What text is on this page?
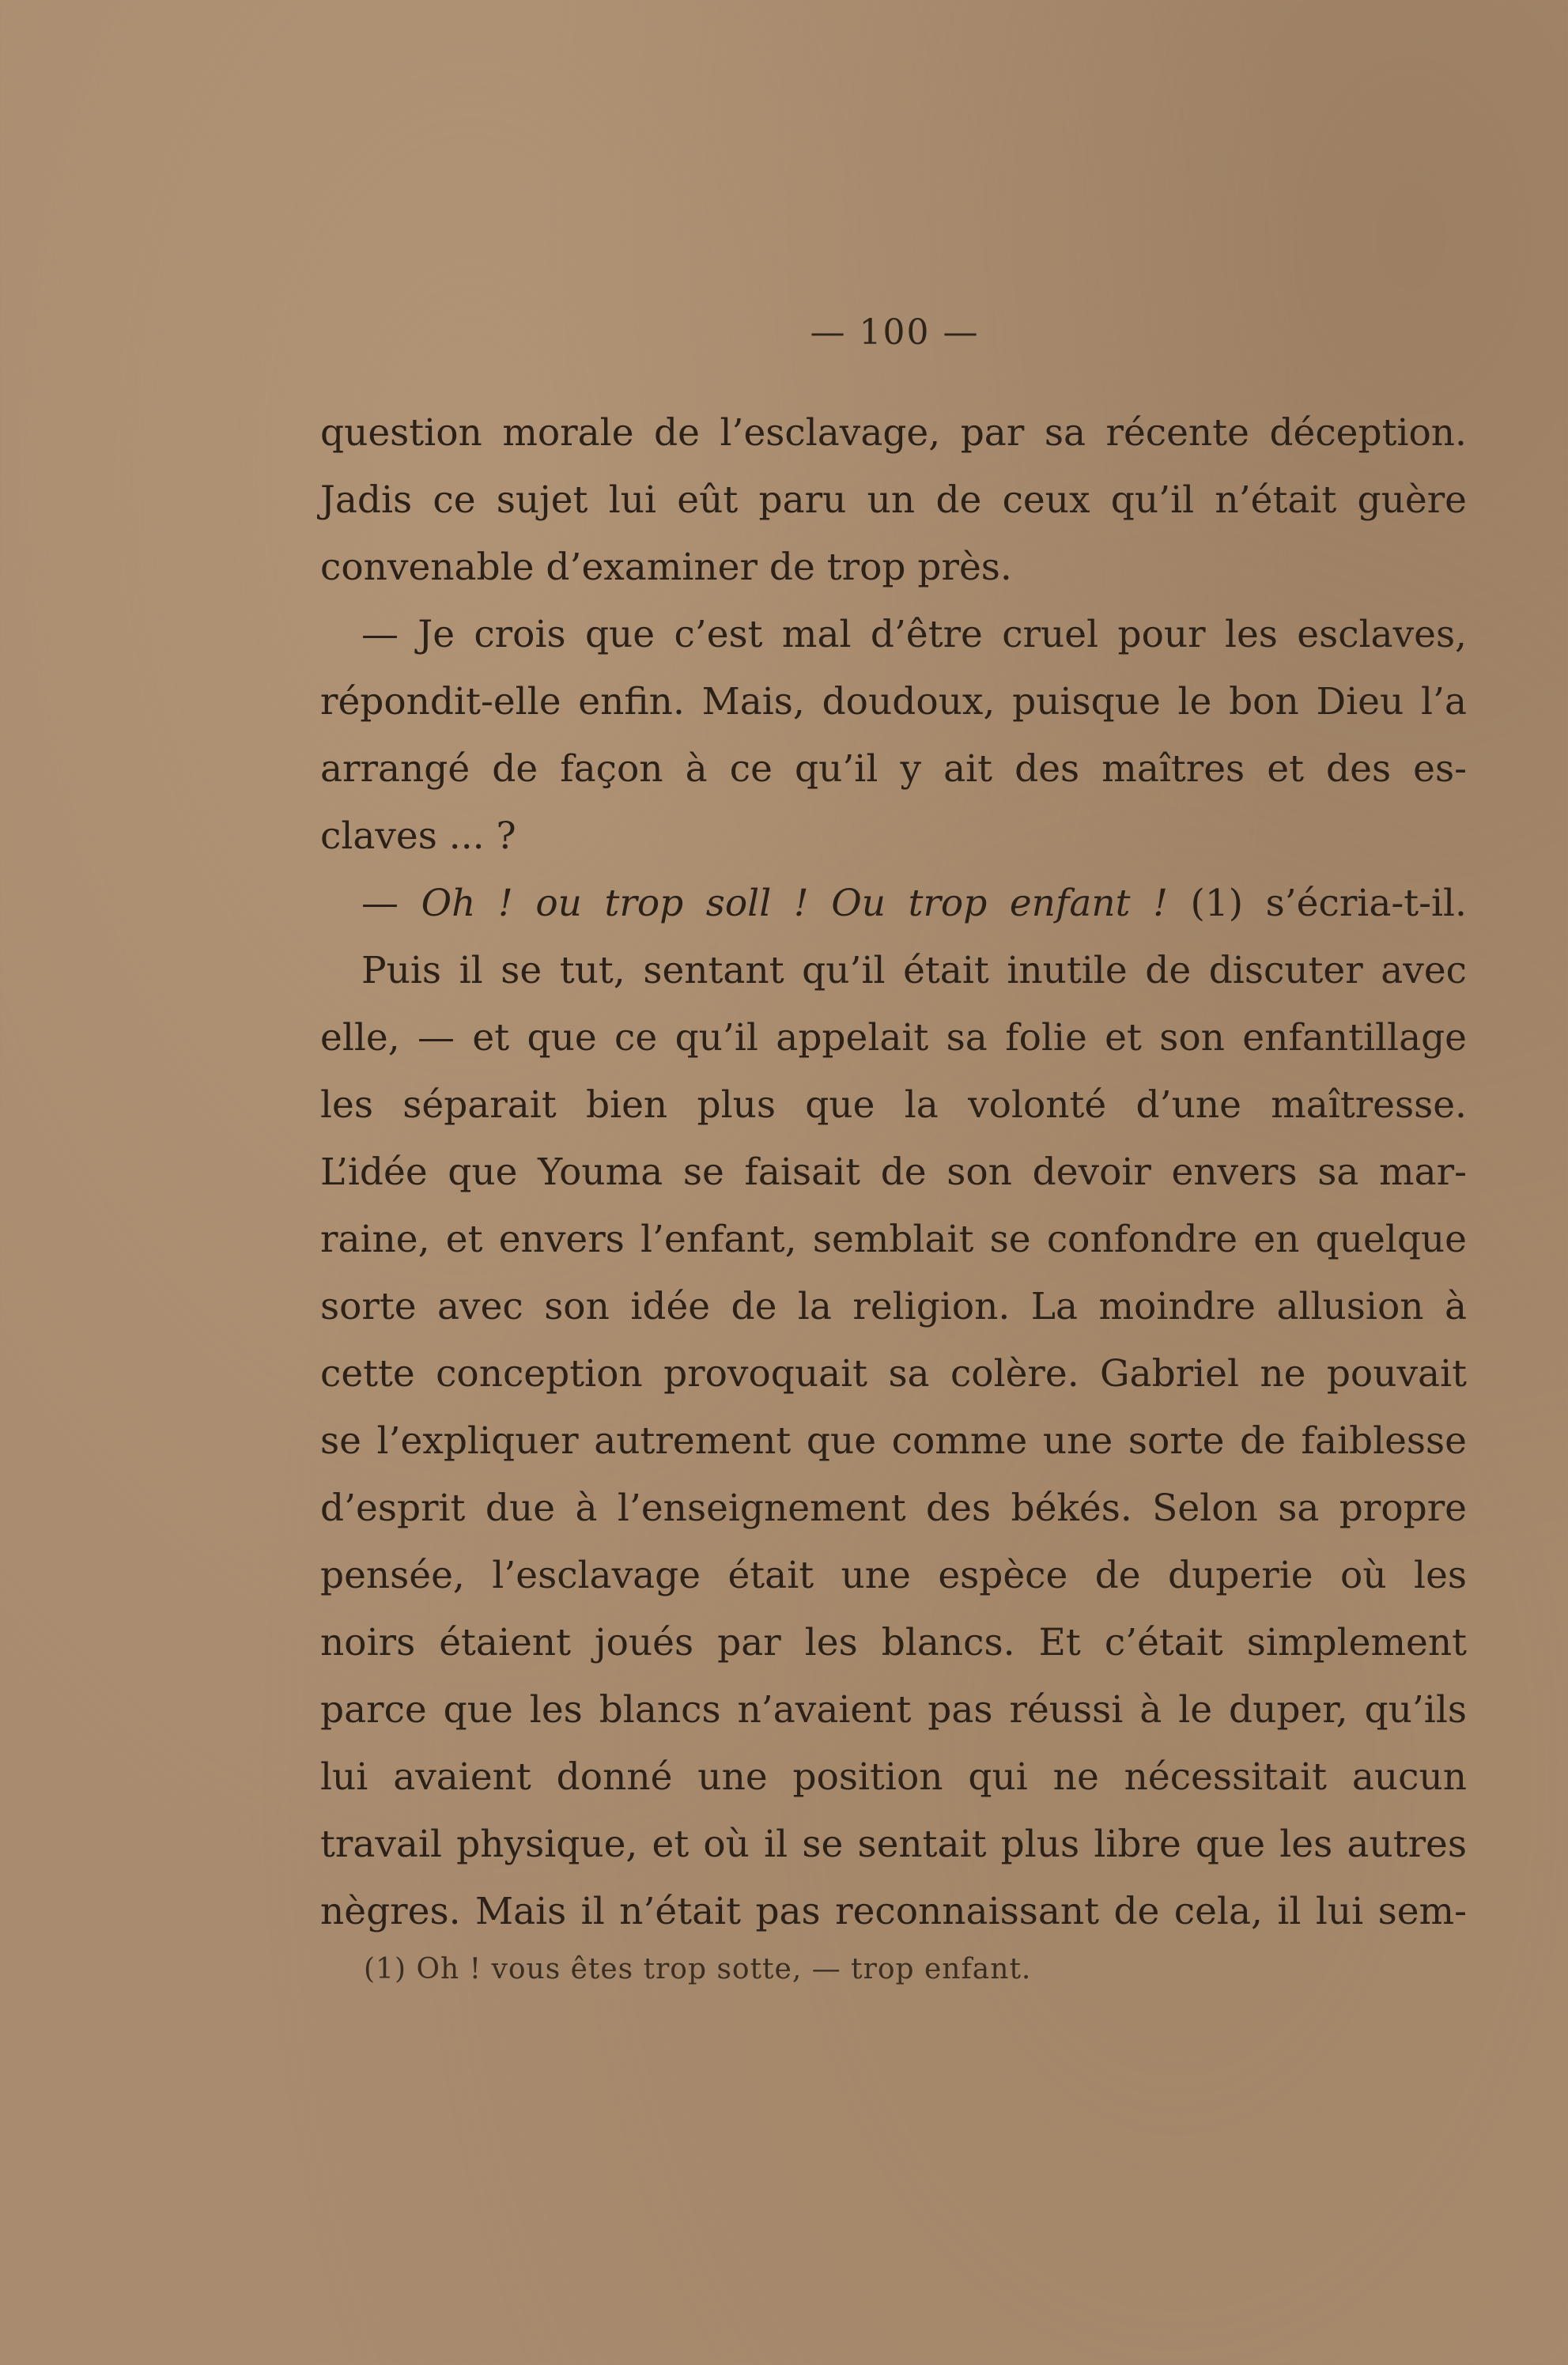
— 100 —
question morale de l’esclavage, par sa récente déception.
Jadis ce sujet lui eût paru un de ceux qu’il n’était guère
convenable d’examiner de trop près.
— Je crois que c’est mal d’être cruel pour les esclaves,
répondit-elle enfin. Mais, doudoux, puisque le bon Dieu l’a
arrangé de façon à ce qu’il y ait des maîtres et des es-
claves ... ?
— Oh ! ou trop soll ! Ou trop enfant ! (1) s’écria-t-il.
Puis il se tut, sentant qu’il était inutile de discuter avec
elle, — et que ce qu’il appelait sa folie et son enfantillage
les séparait bien plus que la volonté d’une maîtresse.
L’idée que Youma se faisait de son devoir envers sa mar-
raine, et envers l’enfant, semblait se confondre en quelque
sorte avec son idée de la religion. La moindre allusion à
cette conception provoquait sa colère. Gabriel ne pouvait
se l’expliquer autrement que comme une sorte de faiblesse
d’esprit due à l’enseignement des békés. Selon sa propre
pensée, l’esclavage était une espèce de duperie où les
noirs étaient joués par les blancs. Et c’était simplement
parce que les blancs n’avaient pas réussi à le duper, qu’ils
lui avaient donné une position qui ne nécessitait aucun
travail physique, et où il se sentait plus libre que les autres
nègres. Mais il n’était pas reconnaissant de cela, il lui sem-
(1) Oh ! vous êtes trop sotte, — trop enfant.
